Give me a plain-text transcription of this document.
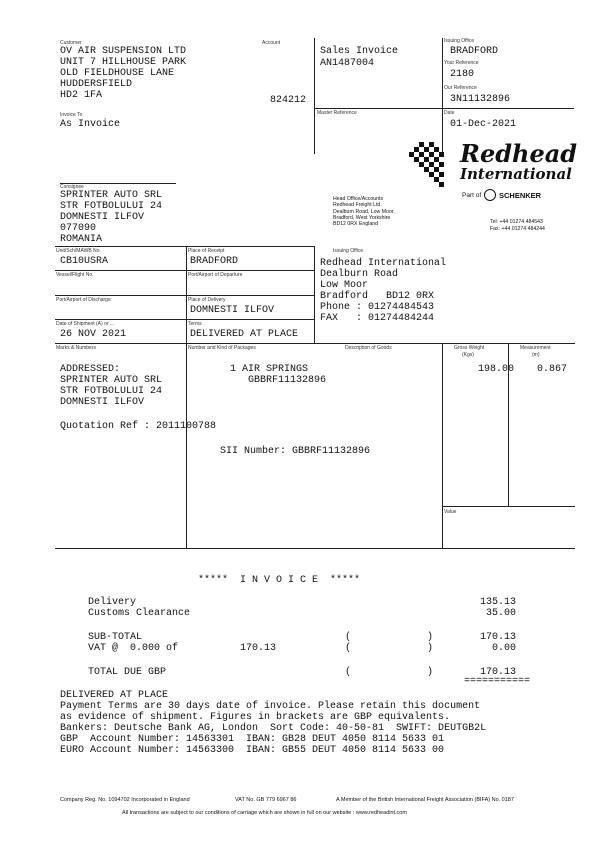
Customer	Account
OV AIR SUSPENSION LTD
UNIT 7 HILLHOUSE PARK
OLD FIELDHOUSE LANE
HUDDERSFIELD
HD2 1FA	824212
Invoice To
As Invoice
Sales Invoice
AN1487004
Master Reference
Issuing Office
BRADFORD
Your Reference
2180
Our Reference
3N11132896
Date
01-Dec-2021
Redhead
International
Part of SCHENKER
Head Office/Accounts
Redhead Freight Ltd.
Dealburn Road, Low Moor,
Bradford, West Yorkshire
BD12 0RX England	Tel: +44 01274 484543
Fax: +44 01274 484244
Consignee
SPRINTER AUTO SRL
STR FOTBOLULUI 24
DOMNESTI ILFOV
077090
ROMANIA
Unit/Sch/MAWB No.
CB10USRA
Place of Receipt
BRADFORD
Vessel/Flight No.	Port/Airport of Departure
Port/Airport of Discharge	Place of Delivery
DOMNESTI ILFOV
Date of Shipment (A) or ...
26 NOV 2021
Terms
DELIVERED AT PLACE
Issuing Office
Redhead International
Dealburn Road
Low Moor
Bradford   BD12 0RX
Phone : 01274484543
FAX   : 01274484244
Marks & Numbers	Number and Kind of Packages	Description of Goods	Gross Weight
(Kgs)
Measurement
(m)
Value
ADDRESSED:
SPRINTER AUTO SRL
STR FOTBOLULUI 24
DOMNESTI ILFOV
1 AIR SPRINGS
GBBRF11132896
198.00 0.867
Quotation Ref : 2011100788
SII Number: GBBRF11132896
*****  I N V O I C E  *****
Delivery	135.13
Customs Clearance	35.00
SUB-TOTAL	(	)	170.13
VAT @  0.000 of	170.13	(	)	0.00
TOTAL DUE GBP	(	)	170.13
===========
DELIVERED AT PLACE
Payment Terms are 30 days date of invoice. Please retain this document
as evidence of shipment. Figures in brackets are GBP equivalents.
Bankers: Deutsche Bank AG, London  Sort Code: 40-50-81  SWIFT: DEUTGB2L
GBP  Account Number: 14563301  IBAN: GB28 DEUT 4050 8114 5633 01
EURO Account Number: 14563300  IBAN: GB55 DEUT 4050 8114 5633 00
Company Reg. No. 1094702 Incorporated in England	VAT No. GB 779 6967 86	A Member of the British International Freight Association (BIFA) No. 0187
All transactions are subject to our conditions of carriage which are shown in full on our website : www.redheadint.com
